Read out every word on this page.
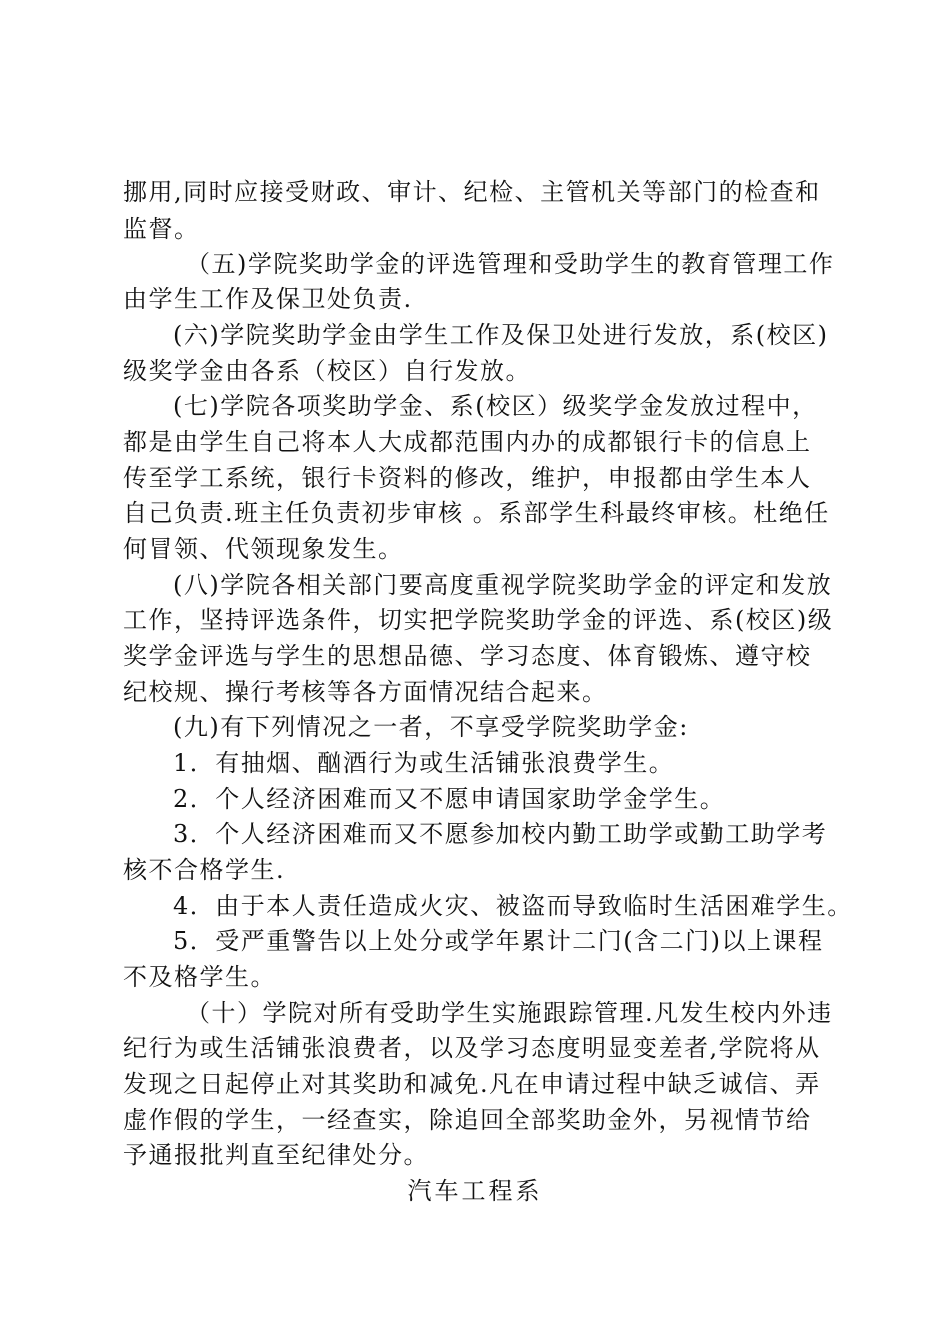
挪用,同时应接受财政、审计、纪检、主管机关等部门的检查和
监督。
（五)学院奖助学金的评选管理和受助学生的教育管理工作
由学生工作及保卫处负责.
(六)学院奖助学金由学生工作及保卫处进行发放，系(校区)
级奖学金由各系（校区）自行发放。
(七)学院各项奖助学金、系(校区）级奖学金发放过程中，
都是由学生自己将本人大成都范围内办的成都银行卡的信息上
传至学工系统，银行卡资料的修改，维护，申报都由学生本人
自己负责.班主任负责初步审核 。系部学生科最终审核。杜绝任
何冒领、代领现象发生。
(八)学院各相关部门要高度重视学院奖助学金的评定和发放
工作，坚持评选条件，切实把学院奖助学金的评选、系(校区)级
奖学金评选与学生的思想品德、学习态度、体育锻炼、遵守校
纪校规、操行考核等各方面情况结合起来。
(九)有下列情况之一者，不享受学院奖助学金:
1．有抽烟、酗酒行为或生活铺张浪费学生。
2．个人经济困难而又不愿申请国家助学金学生。
3．个人经济困难而又不愿参加校内勤工助学或勤工助学考
核不合格学生.
4．由于本人责任造成火灾、被盗而导致临时生活困难学生。
5．受严重警告以上处分或学年累计二门(含二门)以上课程
不及格学生。
（十）学院对所有受助学生实施跟踪管理.凡发生校内外违
纪行为或生活铺张浪费者，以及学习态度明显变差者,学院将从
发现之日起停止对其奖助和减免.凡在申请过程中缺乏诚信、弄
虚作假的学生，一经查实，除追回全部奖助金外，另视情节给
予通报批判直至纪律处分。
汽车工程系
